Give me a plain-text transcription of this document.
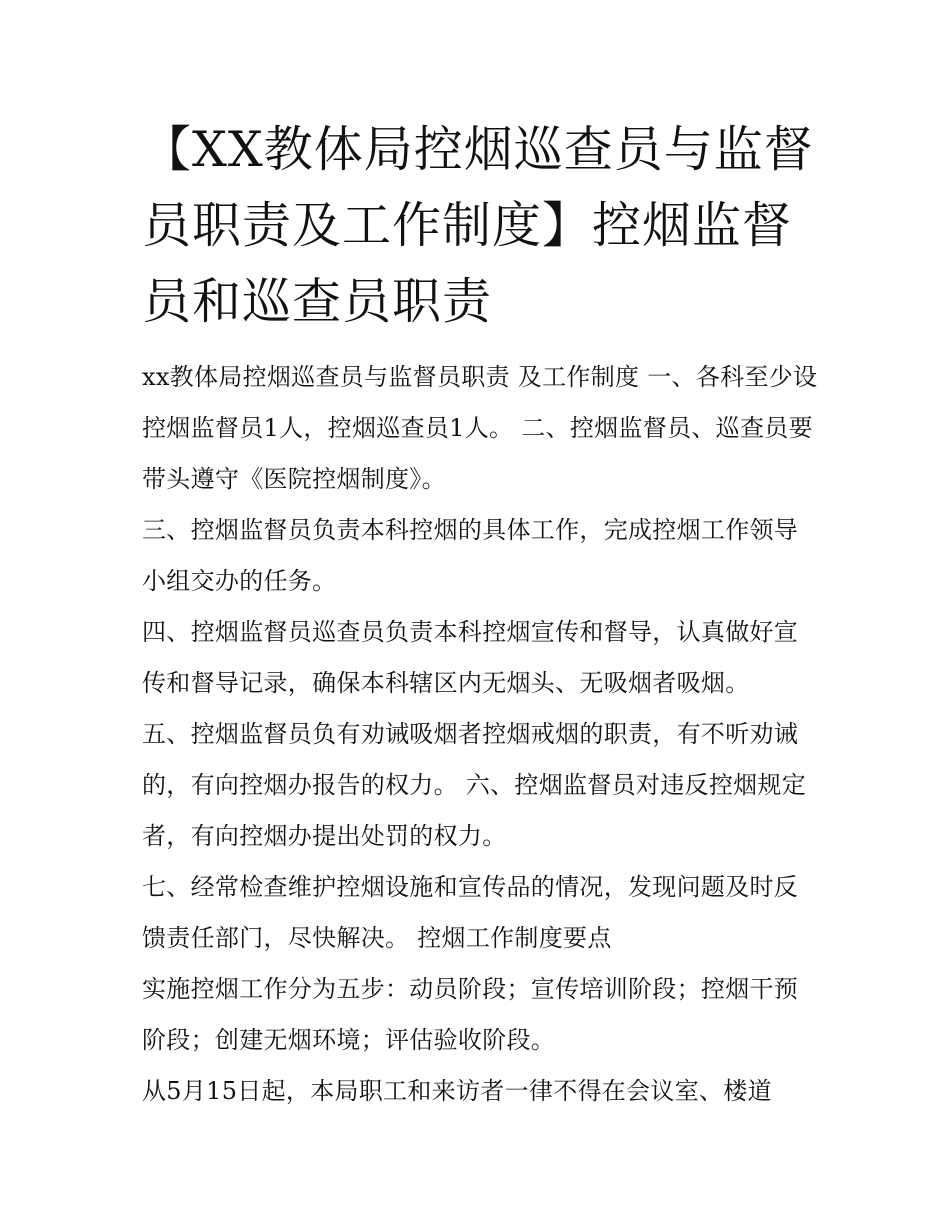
【XX教体局控烟巡查员与监督员职责及工作制度】控烟监督员和巡查员职责

xx教体局控烟巡查员与监督员职责 及工作制度 一、各科至少设控烟监督员1人，控烟巡查员1人。 二、控烟监督员、巡查员要带头遵守《医院控烟制度》。

三、控烟监督员负责本科控烟的具体工作，完成控烟工作领导小组交办的任务。

四、控烟监督员巡查员负责本科控烟宣传和督导，认真做好宣传和督导记录，确保本科辖区内无烟头、无吸烟者吸烟。

五、控烟监督员负有劝诫吸烟者控烟戒烟的职责，有不听劝诫的，有向控烟办报告的权力。 六、控烟监督员对违反控烟规定者，有向控烟办提出处罚的权力。

七、经常检查维护控烟设施和宣传品的情况，发现问题及时反馈责任部门，尽快解决。 控烟工作制度要点

实施控烟工作分为五步：动员阶段；宣传培训阶段；控烟干预阶段；创建无烟环境；评估验收阶段。

从5月15日起，本局职工和来访者一律不得在会议室、楼道
